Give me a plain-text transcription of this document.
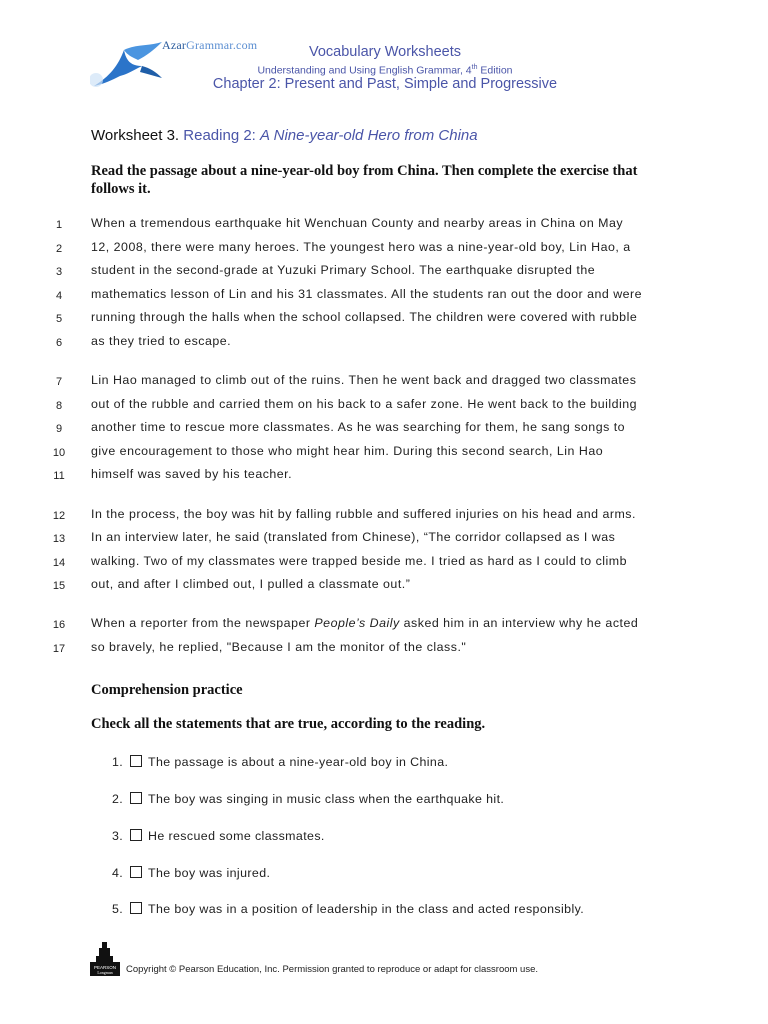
AzarGrammar.com	Vocabulary Worksheets
Understanding and Using English Grammar, 4th Edition
Chapter 2: Present and Past, Simple and Progressive
Worksheet 3. Reading 2: A Nine-year-old Hero from China
Read the passage about a nine-year-old boy from China. Then complete the exercise that follows it.
1	When a tremendous earthquake hit Wenchuan County and nearby areas in China on May
2	12, 2008, there were many heroes. The youngest hero was a nine-year-old boy, Lin Hao, a
3	student in the second-grade at Yuzuki Primary School. The earthquake disrupted the
4	mathematics lesson of Lin and his 31 classmates. All the students ran out the door and were
5	running through the halls when the school collapsed. The children were covered with rubble
6	as they tried to escape.
7	Lin Hao managed to climb out of the ruins. Then he went back and dragged two classmates
8	out of the rubble and carried them on his back to a safer zone. He went back to the building
9	another time to rescue more classmates. As he was searching for them, he sang songs to
10	give encouragement to those who might hear him. During this second search, Lin Hao
11	himself was saved by his teacher.
12	In the process, the boy was hit by falling rubble and suffered injuries on his head and arms.
13	In an interview later, he said (translated from Chinese), “The corridor collapsed as I was
14	walking. Two of my classmates were trapped beside me. I tried as hard as I could to climb
15	out, and after I climbed out, I pulled a classmate out.”
16	When a reporter from the newspaper People’s Daily asked him in an interview why he acted
17	so bravely, he replied, "Because I am the monitor of the class."
Comprehension practice
Check all the statements that are true, according to the reading.
1. The passage is about a nine-year-old boy in China.
2. The boy was singing in music class when the earthquake hit.
3. He rescued some classmates.
4. The boy was injured.
5. The boy was in a position of leadership in the class and acted responsibly.
PEARSON
Longman Copyright © Pearson Education, Inc. Permission granted to reproduce or adapt for classroom use.
